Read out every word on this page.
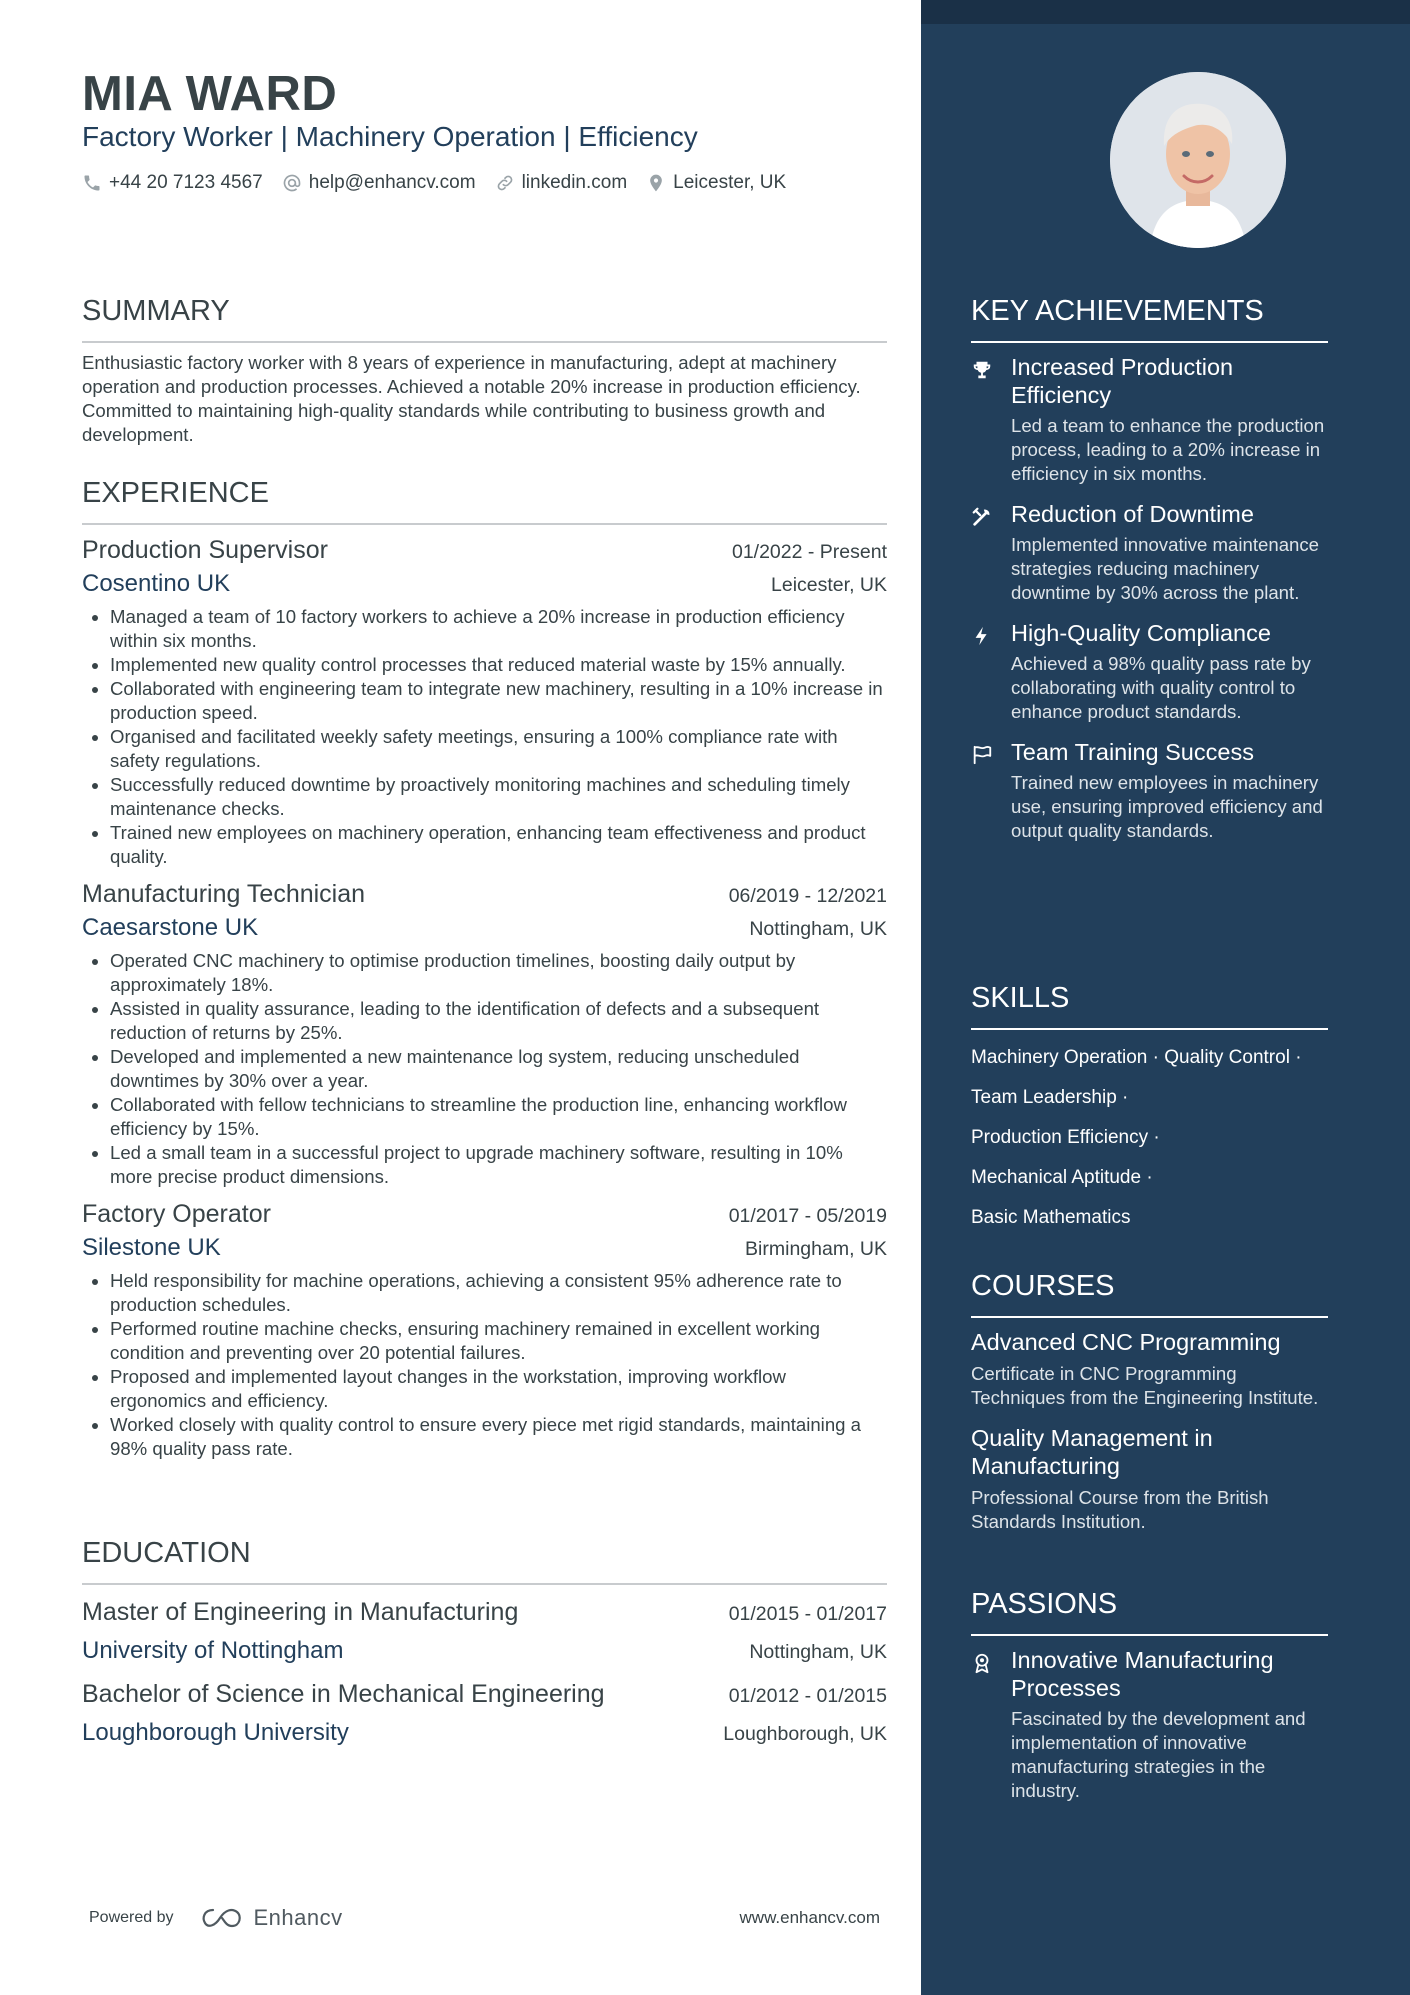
MIA WARD
Factory Worker | Machinery Operation | Efficiency
+44 20 7123 4567 help@enhancv.com linkedin.com Leicester, UK
SUMMARY

Enthusiastic factory worker with 8 years of experience in manufacturing, adept at machinery operation and production processes. Achieved a notable 20% increase in production efficiency. Committed to maintaining high-quality standards while contributing to business growth and development.

EXPERIENCE
Production Supervisor	01/2022 - Present
Cosentino UK	Leicester, UK
• Managed a team of 10 factory workers to achieve a 20% increase in production efficiency within six months.
• Implemented new quality control processes that reduced material waste by 15% annually.
• Collaborated with engineering team to integrate new machinery, resulting in a 10% increase in production speed.
• Organised and facilitated weekly safety meetings, ensuring a 100% compliance rate with safety regulations.
• Successfully reduced downtime by proactively monitoring machines and scheduling timely maintenance checks.
• Trained new employees on machinery operation, enhancing team effectiveness and product quality.
Manufacturing Technician	06/2019 - 12/2021
Caesarstone UK	Nottingham, UK
• Operated CNC machinery to optimise production timelines, boosting daily output by approximately 18%.
• Assisted in quality assurance, leading to the identification of defects and a subsequent reduction of returns by 25%.
• Developed and implemented a new maintenance log system, reducing unscheduled downtimes by 30% over a year.
• Collaborated with fellow technicians to streamline the production line, enhancing workflow efficiency by 15%.
• Led a small team in a successful project to upgrade machinery software, resulting in 10% more precise product dimensions.
Factory Operator	01/2017 - 05/2019
Silestone UK	Birmingham, UK
• Held responsibility for machine operations, achieving a consistent 95% adherence rate to production schedules.
• Performed routine machine checks, ensuring machinery remained in excellent working condition and preventing over 20 potential failures.
• Proposed and implemented layout changes in the workstation, improving workflow ergonomics and efficiency.
• Worked closely with quality control to ensure every piece met rigid standards, maintaining a 98% quality pass rate.
EDUCATION
Master of Engineering in Manufacturing	01/2015 - 01/2017
University of Nottingham	Nottingham, UK
Bachelor of Science in Mechanical Engineering	01/2012 - 01/2015
Loughborough University	Loughborough, UK
Powered by	Enhancv	www.enhancv.com
KEY ACHIEVEMENTS
Increased Production Efficiency
Led a team to enhance the production process, leading to a 20% increase in efficiency in six months.
Reduction of Downtime
Implemented innovative maintenance strategies reducing machinery downtime by 30% across the plant.
High-Quality Compliance
Achieved a 98% quality pass rate by collaborating with quality control to enhance product standards.
Team Training Success
Trained new employees in machinery use, ensuring improved efficiency and output quality standards.
SKILLS
Machinery Operation · Quality Control ·
Team Leadership ·
Production Efficiency ·
Mechanical Aptitude ·
Basic Mathematics
COURSES
Advanced CNC Programming
Certificate in CNC Programming Techniques from the Engineering Institute.
Quality Management in Manufacturing
Professional Course from the British Standards Institution.
PASSIONS
Innovative Manufacturing Processes
Fascinated by the development and implementation of innovative manufacturing strategies in the industry.
